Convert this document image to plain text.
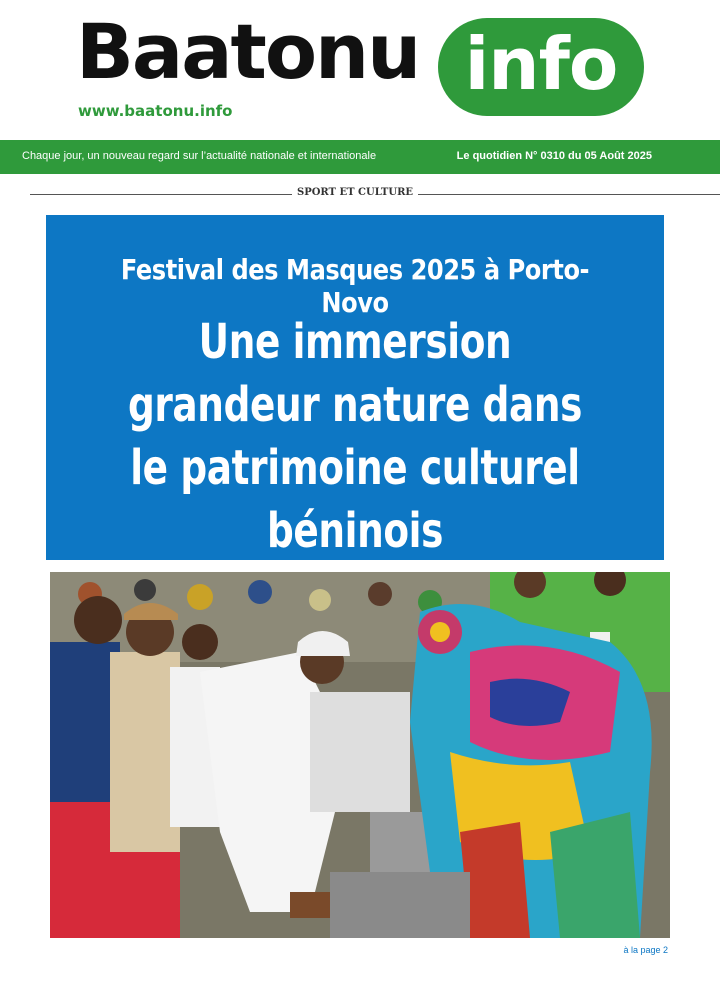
Baatonu info
www.baatonu.info
Chaque jour, un nouveau regard sur l’actualité nationale et internationale	Le quotidien N° 0310 du 05 Août 2025
SPORT ET CULTURE
Festival des Masques 2025 à Porto-Novo
Une immersion grandeur nature dans le patrimoine culturel béninois
à la page 2
